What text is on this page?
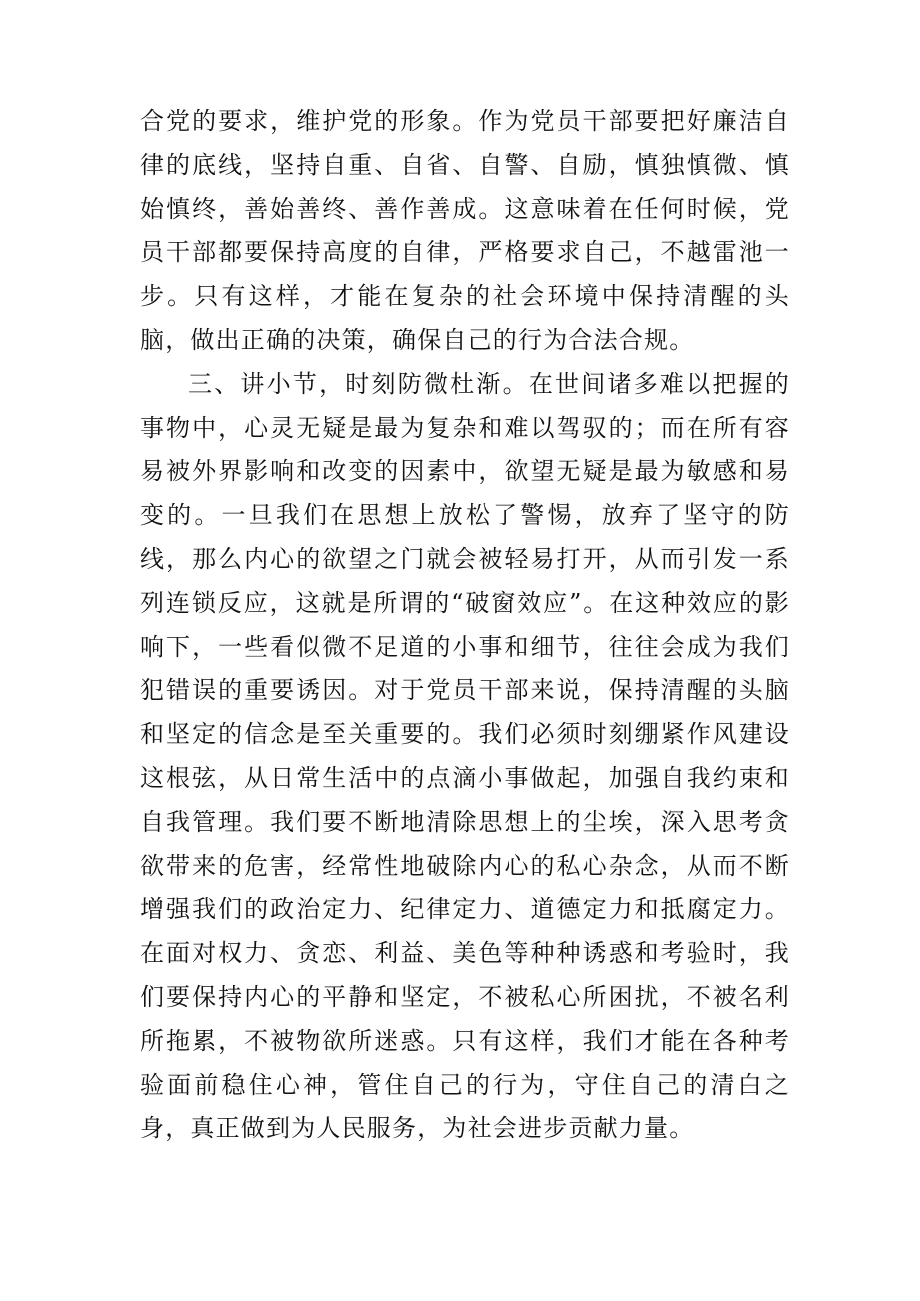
合党的要求，维护党的形象。作为党员干部要把好廉洁自律的底线，坚持自重、自省、自警、自励，慎独慎微、慎始慎终，善始善终、善作善成。这意味着在任何时候，党员干部都要保持高度的自律，严格要求自己，不越雷池一步。只有这样，才能在复杂的社会环境中保持清醒的头脑，做出正确的决策，确保自己的行为合法合规。

三、讲小节，时刻防微杜渐。在世间诸多难以把握的事物中，心灵无疑是最为复杂和难以驾驭的；而在所有容易被外界影响和改变的因素中，欲望无疑是最为敏感和易变的。一旦我们在思想上放松了警惕，放弃了坚守的防线，那么内心的欲望之门就会被轻易打开，从而引发一系列连锁反应，这就是所谓的“破窗效应”。在这种效应的影响下，一些看似微不足道的小事和细节，往往会成为我们犯错误的重要诱因。对于党员干部来说，保持清醒的头脑和坚定的信念是至关重要的。我们必须时刻绷紧作风建设这根弦，从日常生活中的点滴小事做起，加强自我约束和自我管理。我们要不断地清除思想上的尘埃，深入思考贪欲带来的危害，经常性地破除内心的私心杂念，从而不断增强我们的政治定力、纪律定力、道德定力和抵腐定力。在面对权力、贪恋、利益、美色等种种诱惑和考验时，我们要保持内心的平静和坚定，不被私心所困扰，不被名利所拖累，不被物欲所迷惑。只有这样，我们才能在各种考验面前稳住心神，管住自己的行为，守住自己的清白之身，真正做到为人民服务，为社会进步贡献力量。
